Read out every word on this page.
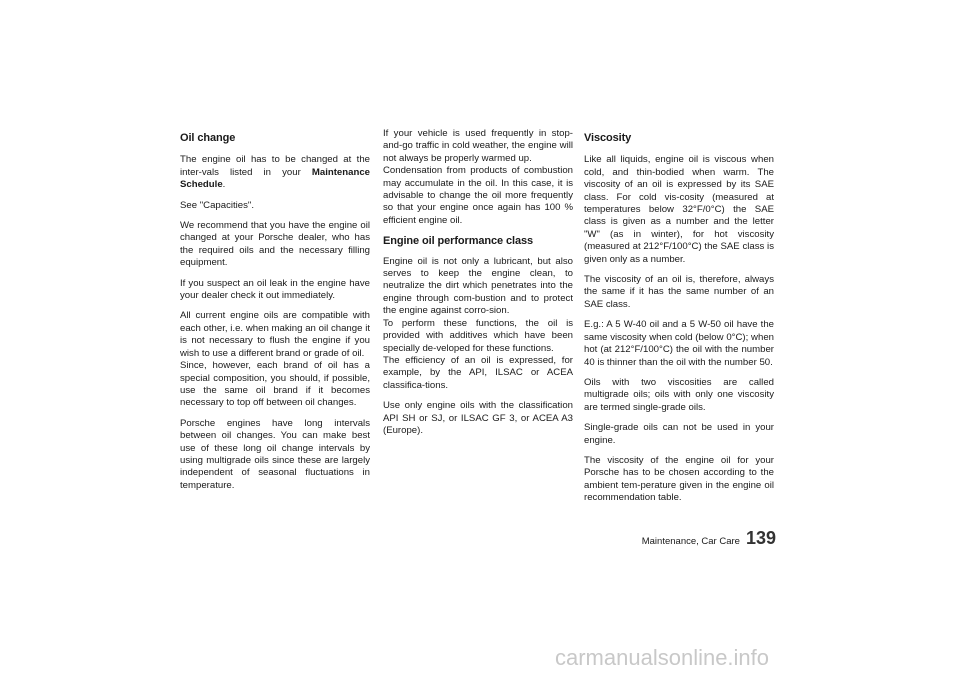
Oil change

The engine oil has to be changed at the inter-vals listed in your Maintenance Schedule.

See "Capacities".

We recommend that you have the engine oil changed at your Porsche dealer, who has the required oils and the necessary filling equipment.

If you suspect an oil leak in the engine have your dealer check it out immediately.

All current engine oils are compatible with each other, i.e. when making an oil change it is not necessary to flush the engine if you wish to use a different brand or grade of oil.

Since, however, each brand of oil has a special composition, you should, if possible, use the same oil brand if it becomes necessary to top off between oil changes.

Porsche engines have long intervals between oil changes. You can make best use of these long oil change intervals by using multigrade oils since these are largely independent of seasonal fluctuations in temperature.

If your vehicle is used frequently in stop-and-go traffic in cold weather, the engine will not always be properly warmed up.

Condensation from products of combustion may accumulate in the oil. In this case, it is advisable to change the oil more frequently so that your engine once again has 100 % efficient engine oil.

Engine oil performance class

Engine oil is not only a lubricant, but also serves to keep the engine clean, to neutralize the dirt which penetrates into the engine through com-bustion and to protect the engine against corro-sion.

To perform these functions, the oil is provided with additives which have been specially de-veloped for these functions.

The efficiency of an oil is expressed, for example, by the API, ILSAC or ACEA classifica-tions.

Use only engine oils with the classification API SH or SJ, or ILSAC GF 3, or ACEA A3 (Europe).

Viscosity

Like all liquids, engine oil is viscous when cold, and thin-bodied when warm. The viscosity of an oil is expressed by its SAE class. For cold vis-cosity (measured at temperatures below 32°F/0°C) the SAE class is given as a number and the letter "W" (as in winter), for hot viscosity (measured at 212°F/100°C) the SAE class is given only as a number.

The viscosity of an oil is, therefore, always the same if it has the same number of an SAE class.

E.g.: A 5 W-40 oil and a 5 W-50 oil have the same viscosity when cold (below 0°C); when hot (at 212°F/100°C) the oil with the number 40 is thinner than the oil with the number 50.

Oils with two viscosities are called multigrade oils; oils with only one viscosity are termed single-grade oils.

Single-grade oils can not be used in your engine.

The viscosity of the engine oil for your Porsche has to be chosen according to the ambient tem-perature given in the engine oil recommendation table.

Maintenance, Car Care 139
carmanualsonline.info
